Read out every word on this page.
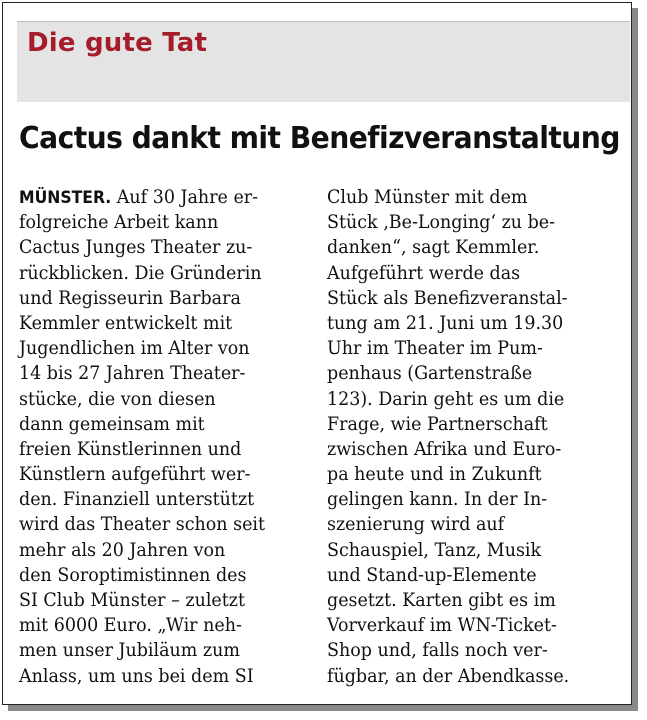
Die gute Tat
Cactus dankt mit Benefizveranstaltung
MÜNSTER. Auf 30 Jahre er-
folgreiche Arbeit kann
Cactus Junges Theater zu-
rückblicken. Die Gründerin
und Regisseurin Barbara
Kemmler entwickelt mit
Jugendlichen im Alter von
14 bis 27 Jahren Theater-
stücke, die von diesen
dann gemeinsam mit
freien Künstlerinnen und
Künstlern aufgeführt wer-
den. Finanziell unterstützt
wird das Theater schon seit
mehr als 20 Jahren von
den Soroptimistinnen des
SI Club Münster – zuletzt
mit 6000 Euro. „Wir neh-
men unser Jubiläum zum
Anlass, um uns bei dem SI
Club Münster mit dem
Stück ‚Be-Longing‘ zu be-
danken“, sagt Kemmler.
Aufgeführt werde das
Stück als Benefizveranstal-
tung am 21. Juni um 19.30
Uhr im Theater im Pum-
penhaus (Gartenstraße
123). Darin geht es um die
Frage, wie Partnerschaft
zwischen Afrika und Euro-
pa heute und in Zukunft
gelingen kann. In der In-
szenierung wird auf
Schauspiel, Tanz, Musik
und Stand-up-Elemente
gesetzt. Karten gibt es im
Vorverkauf im WN-Ticket-
Shop und, falls noch ver-
fügbar, an der Abendkasse.
